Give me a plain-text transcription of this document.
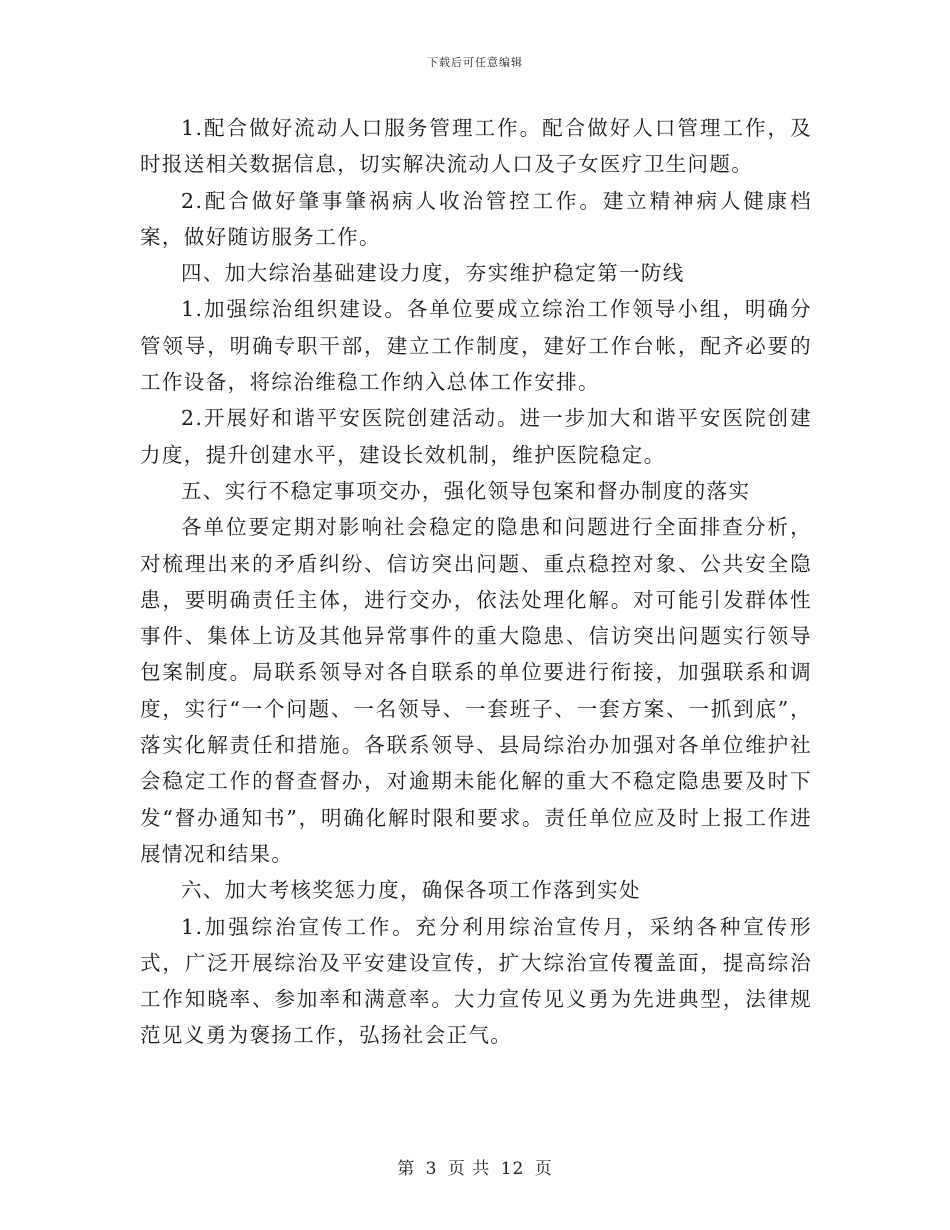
下载后可任意编辑

1.配合做好流动人口服务管理工作。配合做好人口管理工作，及时报送相关数据信息，切实解决流动人口及子女医疗卫生问题。

2.配合做好肇事肇祸病人收治管控工作。建立精神病人健康档案，做好随访服务工作。

四、加大综治基础建设力度，夯实维护稳定第一防线

1.加强综治组织建设。各单位要成立综治工作领导小组，明确分管领导，明确专职干部，建立工作制度，建好工作台帐，配齐必要的工作设备，将综治维稳工作纳入总体工作安排。

2.开展好和谐平安医院创建活动。进一步加大和谐平安医院创建力度，提升创建水平，建设长效机制，维护医院稳定。

五、实行不稳定事项交办，强化领导包案和督办制度的落实

各单位要定期对影响社会稳定的隐患和问题进行全面排查分析，对梳理出来的矛盾纠纷、信访突出问题、重点稳控对象、公共安全隐患，要明确责任主体，进行交办，依法处理化解。对可能引发群体性事件、集体上访及其他异常事件的重大隐患、信访突出问题实行领导包案制度。局联系领导对各自联系的单位要进行衔接，加强联系和调度，实行“一个问题、一名领导、一套班子、一套方案、一抓到底”，落实化解责任和措施。各联系领导、县局综治办加强对各单位维护社会稳定工作的督查督办，对逾期未能化解的重大不稳定隐患要及时下发“督办通知书”，明确化解时限和要求。责任单位应及时上报工作进展情况和结果。

六、加大考核奖惩力度，确保各项工作落到实处

1.加强综治宣传工作。充分利用综治宣传月，采纳各种宣传形式，广泛开展综治及平安建设宣传，扩大综治宣传覆盖面，提高综治工作知晓率、参加率和满意率。大力宣传见义勇为先进典型，法律规范见义勇为褒扬工作，弘扬社会正气。

第 3 页 共 12 页
